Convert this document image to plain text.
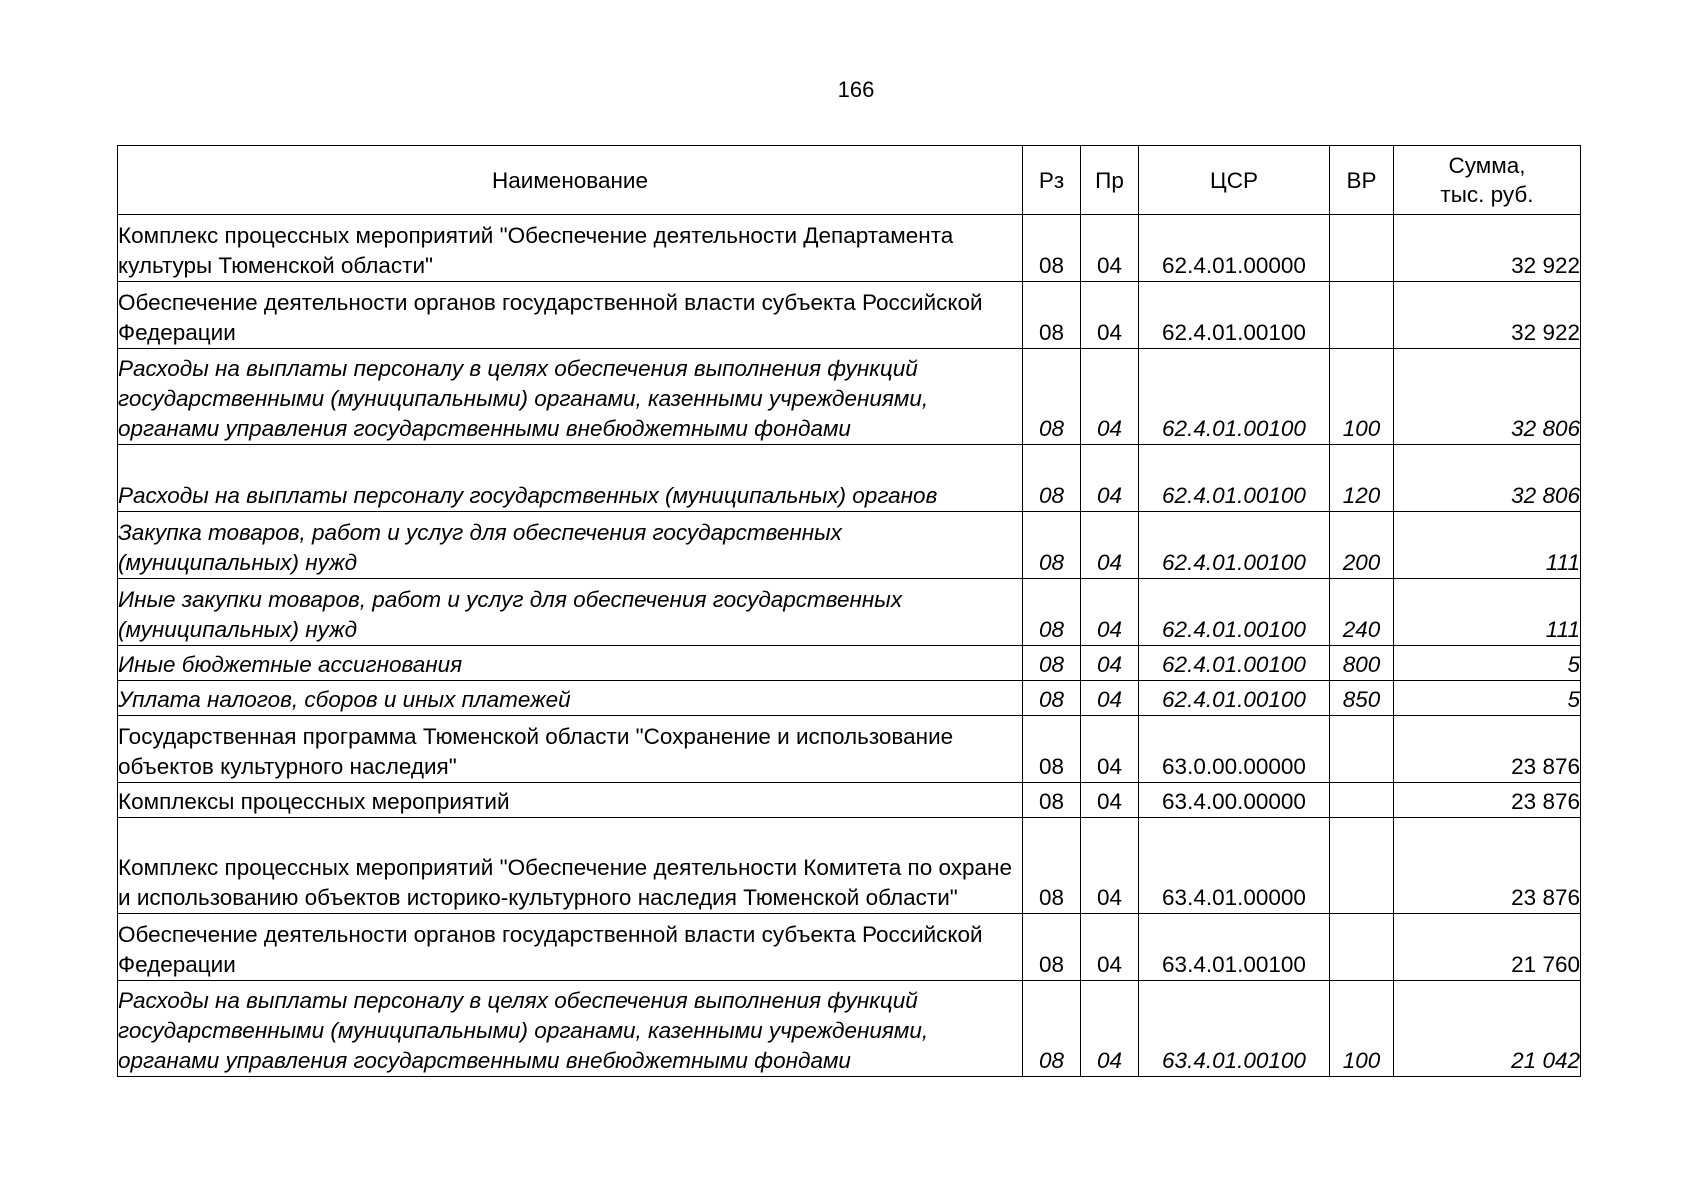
166
Наименование	Рз	Пр	ЦСР	ВР	Сумма,
тыс. руб.

Комплекс процессных мероприятий "Обеспечение деятельности Департамента культуры Тюменской области"	08	04	62.4.01.00000		32 922
Обеспечение деятельности органов государственной власти субъекта Российской Федерации	08	04	62.4.01.00100		32 922
Расходы на выплаты персоналу в целях обеспечения выполнения функций государственными (муниципальными) органами, казенными учреждениями, органами управления государственными внебюджетными фондами	08	04	62.4.01.00100	100	32 806
Расходы на выплаты персоналу государственных (муниципальных) органов	08	04	62.4.01.00100	120	32 806
Закупка товаров, работ и услуг для обеспечения государственных (муниципальных) нужд	08	04	62.4.01.00100	200	111
Иные закупки товаров, работ и услуг для обеспечения государственных (муниципальных) нужд	08	04	62.4.01.00100	240	111
Иные бюджетные ассигнования	08	04	62.4.01.00100	800	5
Уплата налогов, сборов и иных платежей	08	04	62.4.01.00100	850	5
Государственная программа Тюменской области "Сохранение и использование объектов культурного наследия"	08	04	63.0.00.00000		23 876
Комплексы процессных мероприятий	08	04	63.4.00.00000		23 876
Комплекс процессных мероприятий "Обеспечение деятельности Комитета по охране и использованию объектов историко-культурного наследия Тюменской области"	08	04	63.4.01.00000		23 876
Обеспечение деятельности органов государственной власти субъекта Российской Федерации	08	04	63.4.01.00100		21 760
Расходы на выплаты персоналу в целях обеспечения выполнения функций государственными (муниципальными) органами, казенными учреждениями, органами управления государственными внебюджетными фондами	08	04	63.4.01.00100	100	21 042
